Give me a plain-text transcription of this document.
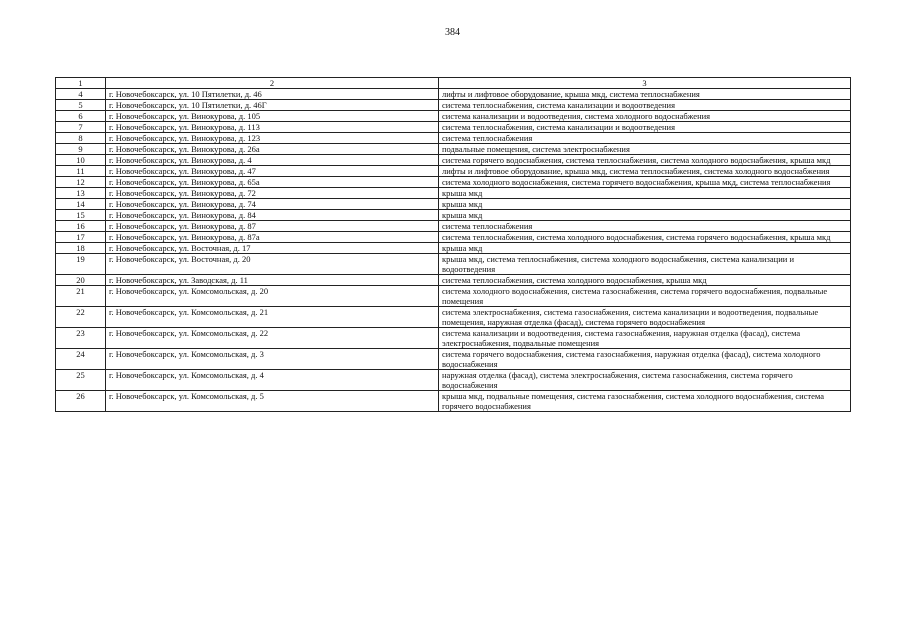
384
1	2	3
4	г. Новочебоксарск, ул. 10 Пятилетки, д. 46	лифты и лифтовое оборудование, крыша мкд, система теплоснабжения
5	г. Новочебоксарск, ул. 10 Пятилетки, д. 46Г	система теплоснабжения, система канализации и водоотведения
6	г. Новочебоксарск, ул. Винокурова, д. 105	система канализации и водоотведения, система холодного водоснабжения
7	г. Новочебоксарск, ул. Винокурова, д. 113	система теплоснабжения, система канализации и водоотведения
8	г. Новочебоксарск, ул. Винокурова, д. 123	система теплоснабжения
9	г. Новочебоксарск, ул. Винокурова, д. 26а	подвальные помещения, система электроснабжения
10	г. Новочебоксарск, ул. Винокурова, д. 4	система горячего водоснабжения, система теплоснабжения, система холодного водоснабжения, крыша мкд
11	г. Новочебоксарск, ул. Винокурова, д. 47	лифты и лифтовое оборудование, крыша мкд, система теплоснабжения, система холодного водоснабжения
12	г. Новочебоксарск, ул. Винокурова, д. 65а	система холодного водоснабжения, система горячего водоснабжения, крыша мкд, система теплоснабжения
13	г. Новочебоксарск, ул. Винокурова, д. 72	крыша мкд
14	г. Новочебоксарск, ул. Винокурова, д. 74	крыша мкд
15	г. Новочебоксарск, ул. Винокурова, д. 84	крыша мкд
16	г. Новочебоксарск, ул. Винокурова, д. 87	система теплоснабжения
17	г. Новочебоксарск, ул. Винокурова, д. 87а	система теплоснабжения, система холодного водоснабжения, система горячего водоснабжения, крыша мкд
18	г. Новочебоксарск, ул. Восточная, д. 17	крыша мкд
19	г. Новочебоксарск, ул. Восточная, д. 20	крыша мкд, система теплоснабжения, система холодного водоснабжения, система канализации и водоотведения
20	г. Новочебоксарск, ул. Заводская, д. 11	система теплоснабжения, система холодного водоснабжения, крыша мкд
21	г. Новочебоксарск, ул. Комсомольская, д. 20	система холодного водоснабжения, система газоснабжения, система горячего водоснабжения, подвальные помещения
22	г. Новочебоксарск, ул. Комсомольская, д. 21	система электроснабжения, система газоснабжения, система канализации и водоотведения, подвальные помещения, наружная отделка (фасад), система горячего водоснабжения
23	г. Новочебоксарск, ул. Комсомольская, д. 22	система канализации и водоотведения, система газоснабжения, наружная отделка (фасад), система электроснабжения, подвальные помещения
24	г. Новочебоксарск, ул. Комсомольская, д. 3	система горячего водоснабжения, система газоснабжения, наружная отделка (фасад), система холодного водоснабжения
25	г. Новочебоксарск, ул. Комсомольская, д. 4	наружная отделка (фасад), система электроснабжения, система газоснабжения, система горячего водоснабжения
26	г. Новочебоксарск, ул. Комсомольская, д. 5	крыша мкд, подвальные помещения, система газоснабжения, система холодного водоснабжения, система горячего водоснабжения
